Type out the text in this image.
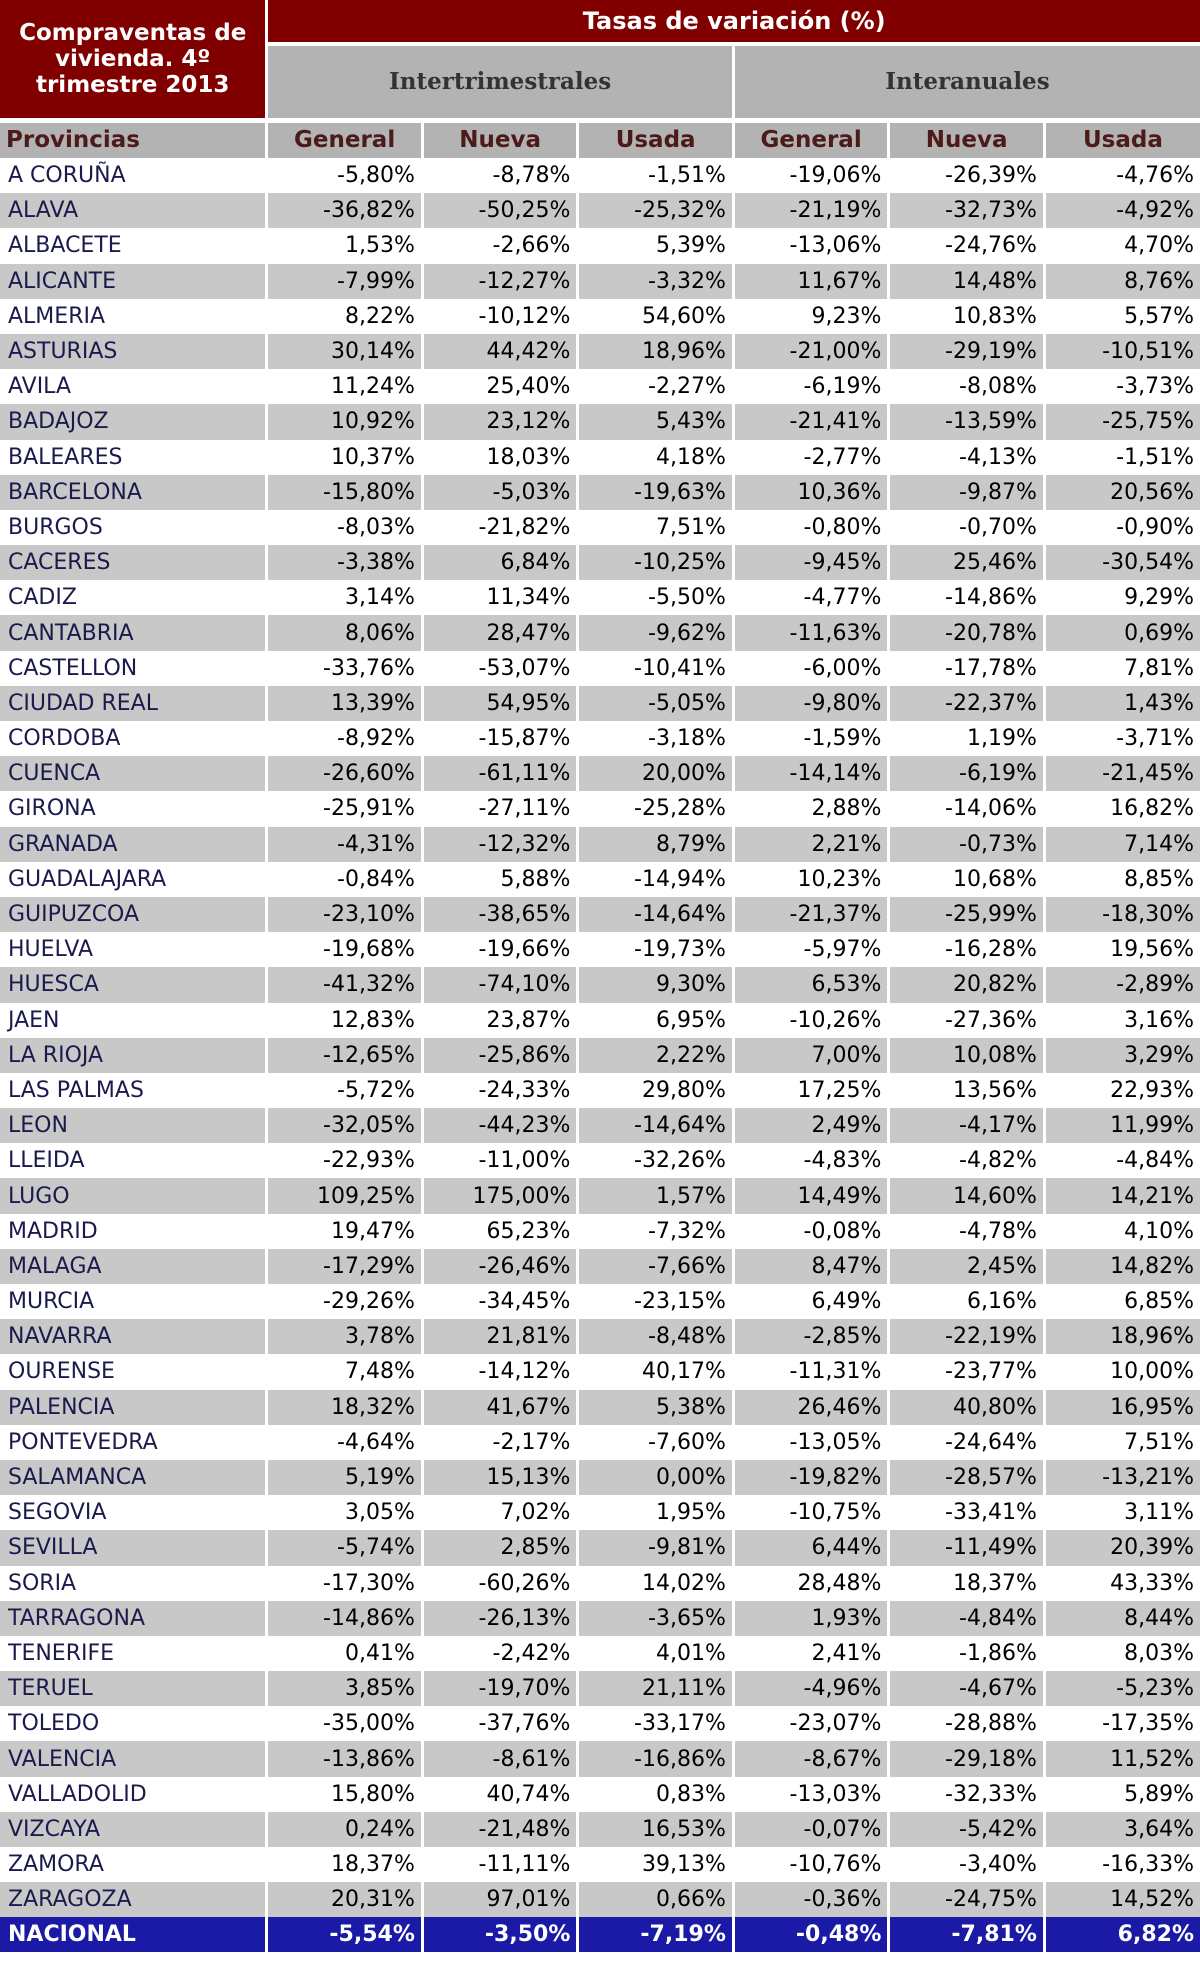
Compraventas de vivienda. 4º trimestre 2013	Tasas de variación (%)					
	Intertrimestrales			Interanuales		
Provincias	General	Nueva	Usada	General	Nueva	Usada
A CORUÑA	-5,80%	-8,78%	-1,51%	-19,06%	-26,39%	-4,76%
ALAVA	-36,82%	-50,25%	-25,32%	-21,19%	-32,73%	-4,92%
ALBACETE	1,53%	-2,66%	5,39%	-13,06%	-24,76%	4,70%
ALICANTE	-7,99%	-12,27%	-3,32%	11,67%	14,48%	8,76%
ALMERIA	8,22%	-10,12%	54,60%	9,23%	10,83%	5,57%
ASTURIAS	30,14%	44,42%	18,96%	-21,00%	-29,19%	-10,51%
AVILA	11,24%	25,40%	-2,27%	-6,19%	-8,08%	-3,73%
BADAJOZ	10,92%	23,12%	5,43%	-21,41%	-13,59%	-25,75%
BALEARES	10,37%	18,03%	4,18%	-2,77%	-4,13%	-1,51%
BARCELONA	-15,80%	-5,03%	-19,63%	10,36%	-9,87%	20,56%
BURGOS	-8,03%	-21,82%	7,51%	-0,80%	-0,70%	-0,90%
CACERES	-3,38%	6,84%	-10,25%	-9,45%	25,46%	-30,54%
CADIZ	3,14%	11,34%	-5,50%	-4,77%	-14,86%	9,29%
CANTABRIA	8,06%	28,47%	-9,62%	-11,63%	-20,78%	0,69%
CASTELLON	-33,76%	-53,07%	-10,41%	-6,00%	-17,78%	7,81%
CIUDAD REAL	13,39%	54,95%	-5,05%	-9,80%	-22,37%	1,43%
CORDOBA	-8,92%	-15,87%	-3,18%	-1,59%	1,19%	-3,71%
CUENCA	-26,60%	-61,11%	20,00%	-14,14%	-6,19%	-21,45%
GIRONA	-25,91%	-27,11%	-25,28%	2,88%	-14,06%	16,82%
GRANADA	-4,31%	-12,32%	8,79%	2,21%	-0,73%	7,14%
GUADALAJARA	-0,84%	5,88%	-14,94%	10,23%	10,68%	8,85%
GUIPUZCOA	-23,10%	-38,65%	-14,64%	-21,37%	-25,99%	-18,30%
HUELVA	-19,68%	-19,66%	-19,73%	-5,97%	-16,28%	19,56%
HUESCA	-41,32%	-74,10%	9,30%	6,53%	20,82%	-2,89%
JAEN	12,83%	23,87%	6,95%	-10,26%	-27,36%	3,16%
LA RIOJA	-12,65%	-25,86%	2,22%	7,00%	10,08%	3,29%
LAS PALMAS	-5,72%	-24,33%	29,80%	17,25%	13,56%	22,93%
LEON	-32,05%	-44,23%	-14,64%	2,49%	-4,17%	11,99%
LLEIDA	-22,93%	-11,00%	-32,26%	-4,83%	-4,82%	-4,84%
LUGO	109,25%	175,00%	1,57%	14,49%	14,60%	14,21%
MADRID	19,47%	65,23%	-7,32%	-0,08%	-4,78%	4,10%
MALAGA	-17,29%	-26,46%	-7,66%	8,47%	2,45%	14,82%
MURCIA	-29,26%	-34,45%	-23,15%	6,49%	6,16%	6,85%
NAVARRA	3,78%	21,81%	-8,48%	-2,85%	-22,19%	18,96%
OURENSE	7,48%	-14,12%	40,17%	-11,31%	-23,77%	10,00%
PALENCIA	18,32%	41,67%	5,38%	26,46%	40,80%	16,95%
PONTEVEDRA	-4,64%	-2,17%	-7,60%	-13,05%	-24,64%	7,51%
SALAMANCA	5,19%	15,13%	0,00%	-19,82%	-28,57%	-13,21%
SEGOVIA	3,05%	7,02%	1,95%	-10,75%	-33,41%	3,11%
SEVILLA	-5,74%	2,85%	-9,81%	6,44%	-11,49%	20,39%
SORIA	-17,30%	-60,26%	14,02%	28,48%	18,37%	43,33%
TARRAGONA	-14,86%	-26,13%	-3,65%	1,93%	-4,84%	8,44%
TENERIFE	0,41%	-2,42%	4,01%	2,41%	-1,86%	8,03%
TERUEL	3,85%	-19,70%	21,11%	-4,96%	-4,67%	-5,23%
TOLEDO	-35,00%	-37,76%	-33,17%	-23,07%	-28,88%	-17,35%
VALENCIA	-13,86%	-8,61%	-16,86%	-8,67%	-29,18%	11,52%
VALLADOLID	15,80%	40,74%	0,83%	-13,03%	-32,33%	5,89%
VIZCAYA	0,24%	-21,48%	16,53%	-0,07%	-5,42%	3,64%
ZAMORA	18,37%	-11,11%	39,13%	-10,76%	-3,40%	-16,33%
ZARAGOZA	20,31%	97,01%	0,66%	-0,36%	-24,75%	14,52%
NACIONAL	-5,54%	-3,50%	-7,19%	-0,48%	-7,81%	6,82%
